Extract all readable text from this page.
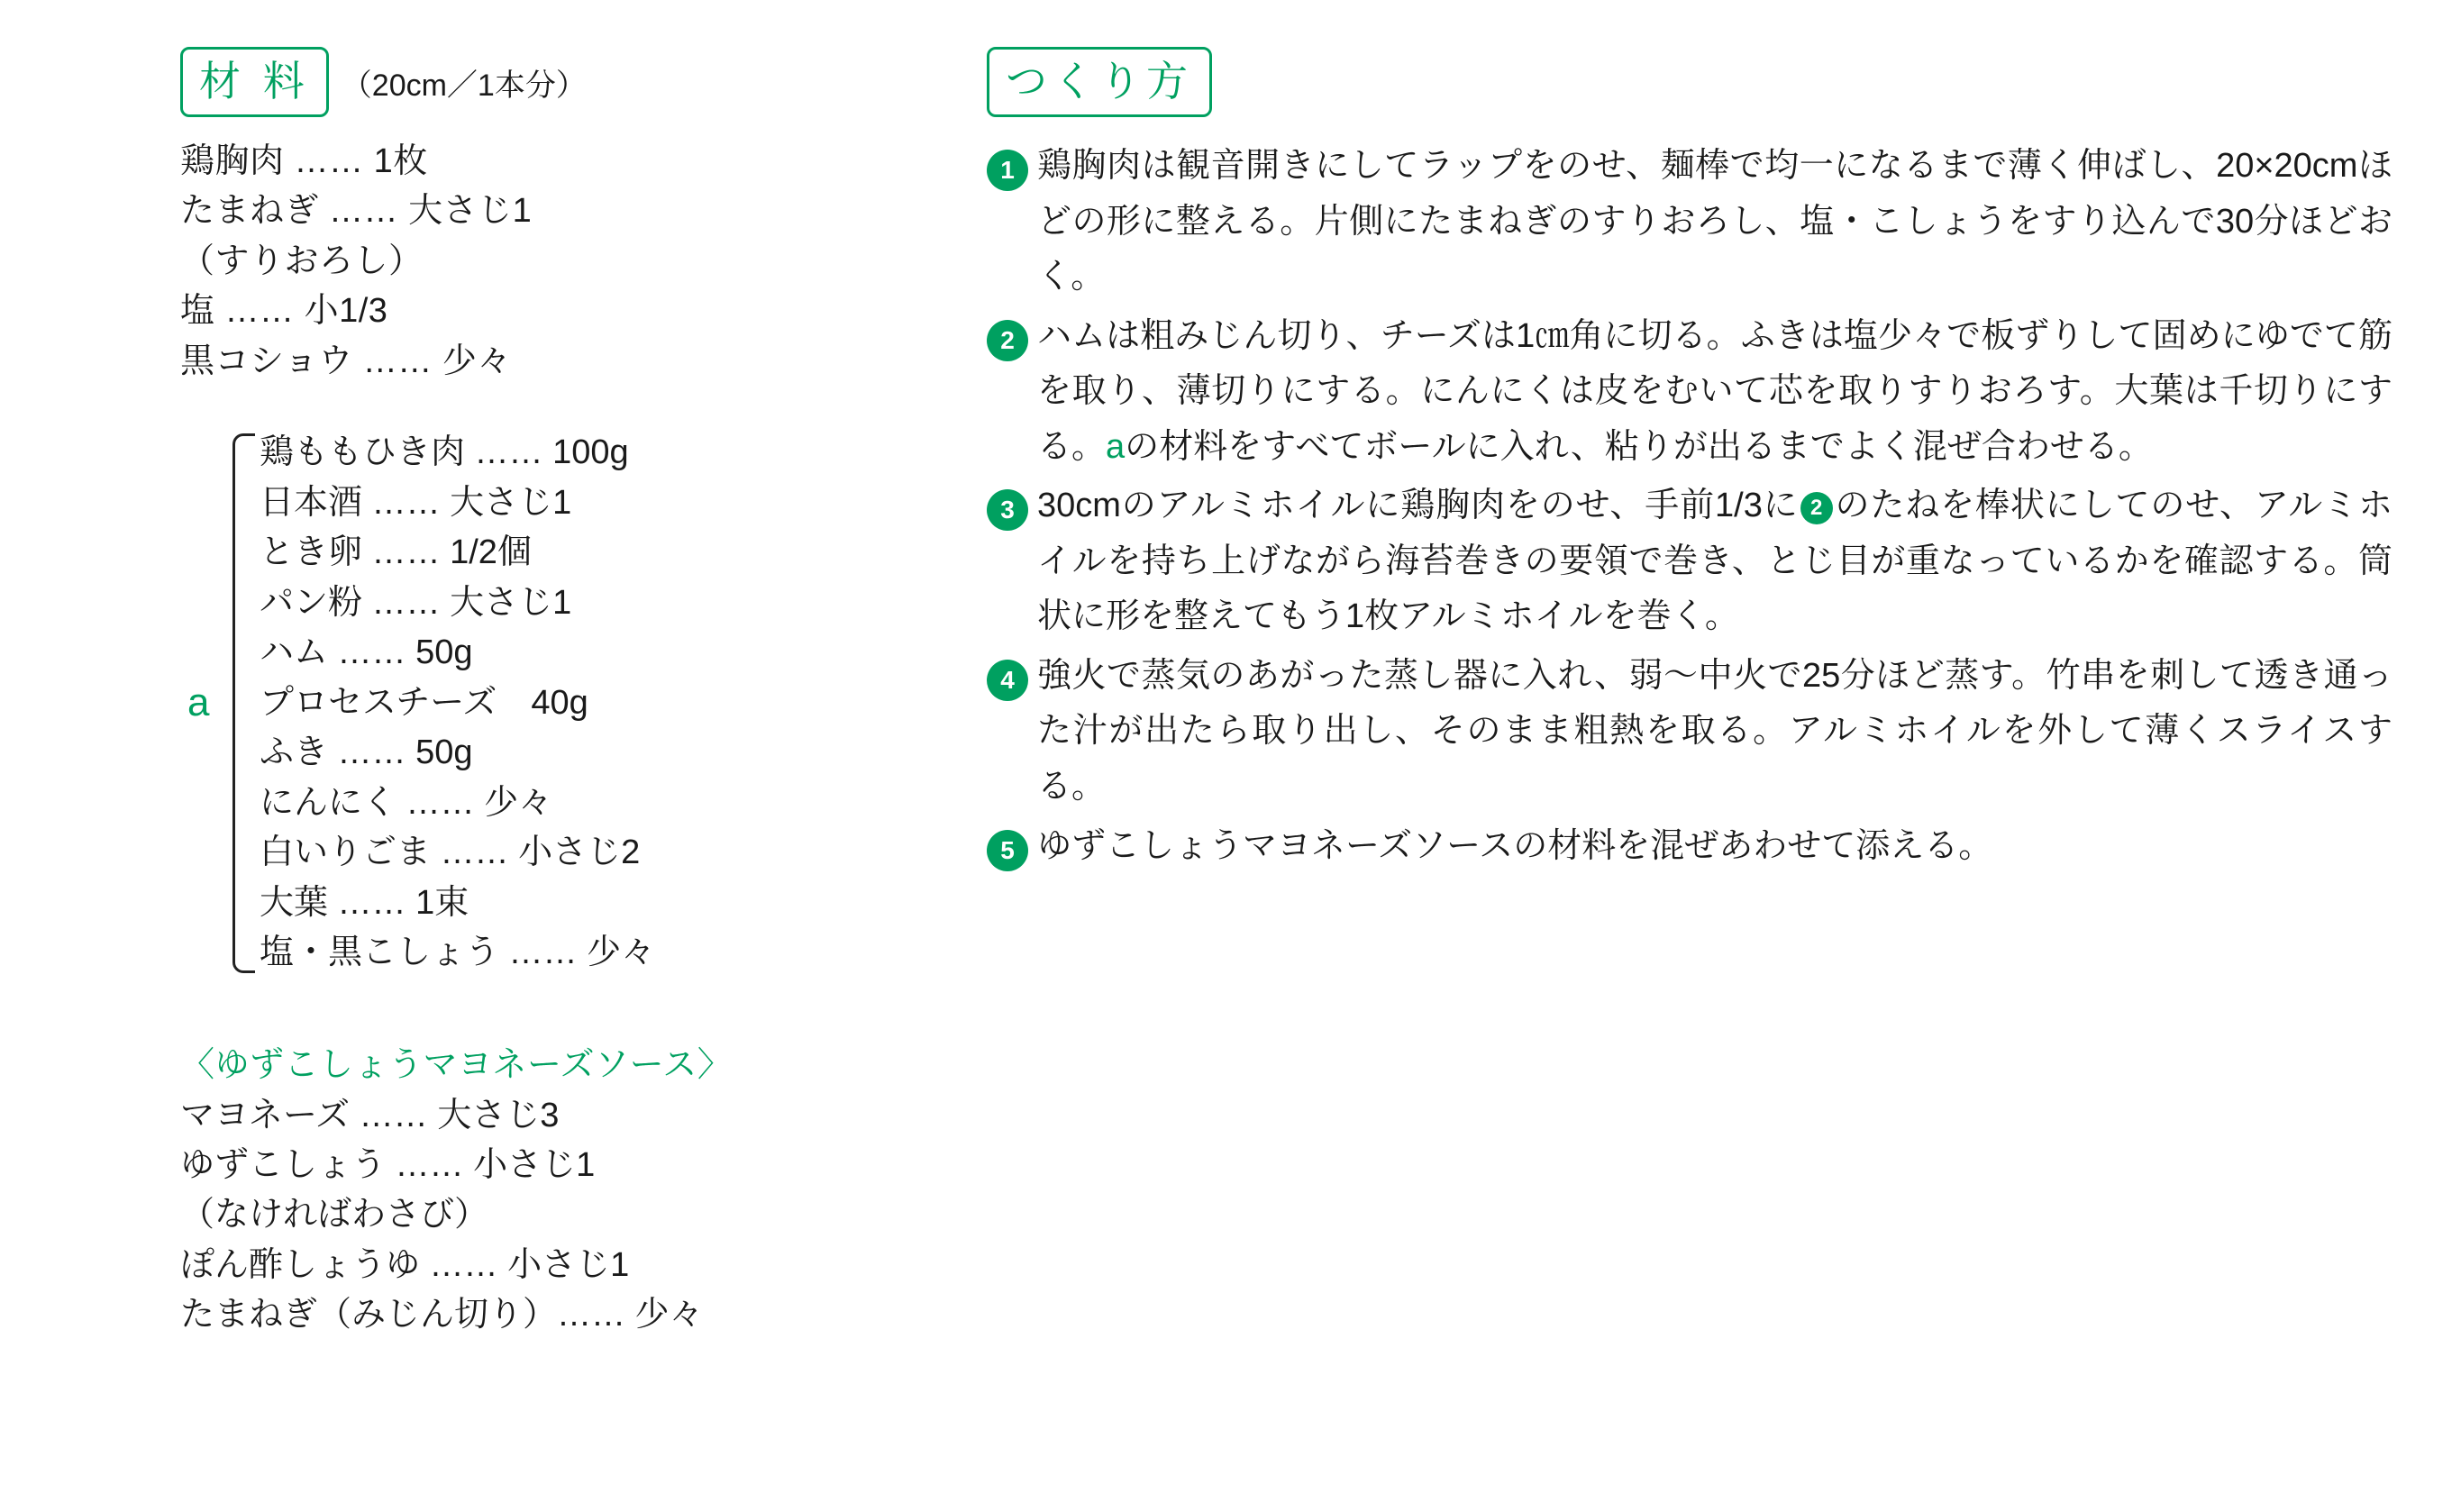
材 料	（20cm／1本分）
鶏胸肉 …… 1枚
たまねぎ …… 大さじ1
（すりおろし）
塩 …… 小1/3
黒コショウ …… 少々
a
鶏ももひき肉 …… 100g
日本酒 …… 大さじ1
とき卵 …… 1/2個
パン粉 …… 大さじ1
ハム …… 50g
プロセスチーズ　40g
ふき …… 50g
にんにく …… 少々
白いりごま …… 小さじ2
大葉 …… 1束
塩・黒こしょう …… 少々
〈ゆずこしょうマヨネーズソース〉
マヨネーズ …… 大さじ3
ゆずこしょう …… 小さじ1
（なければわさび）
ぽん酢しょうゆ …… 小さじ1
たまねぎ（みじん切り）…… 少々
つくり方
1 鶏胸肉は観音開きにしてラップをのせ、麺棒で均一になるまで薄く伸ばし、20×20cmほどの形に整える。片側にたまねぎのすりおろし、塩・こしょうをすり込んで30分ほどおく。
2 ハムは粗みじん切り、チーズは1㎝角に切る。ふきは塩少々で板ずりして固めにゆでて筋を取り、薄切りにする。にんにくは皮をむいて芯を取りすりおろす。大葉は千切りにする。aの材料をすべてボールに入れ、粘りが出るまでよく混ぜ合わせる。
3 30cmのアルミホイルに鶏胸肉をのせ、手前1/3に 2 のたねを棒状にしてのせ、アルミホイルを持ち上げながら海苔巻きの要領で巻き、とじ目が重なっているかを確認する。筒状に形を整えてもう1枚アルミホイルを巻く。
4 強火で蒸気のあがった蒸し器に入れ、弱〜中火で25分ほど蒸す。竹串を刺して透き通った汁が出たら取り出し、そのまま粗熱を取る。アルミホイルを外して薄くスライスする。
5 ゆずこしょうマヨネーズソースの材料を混ぜあわせて添える。
